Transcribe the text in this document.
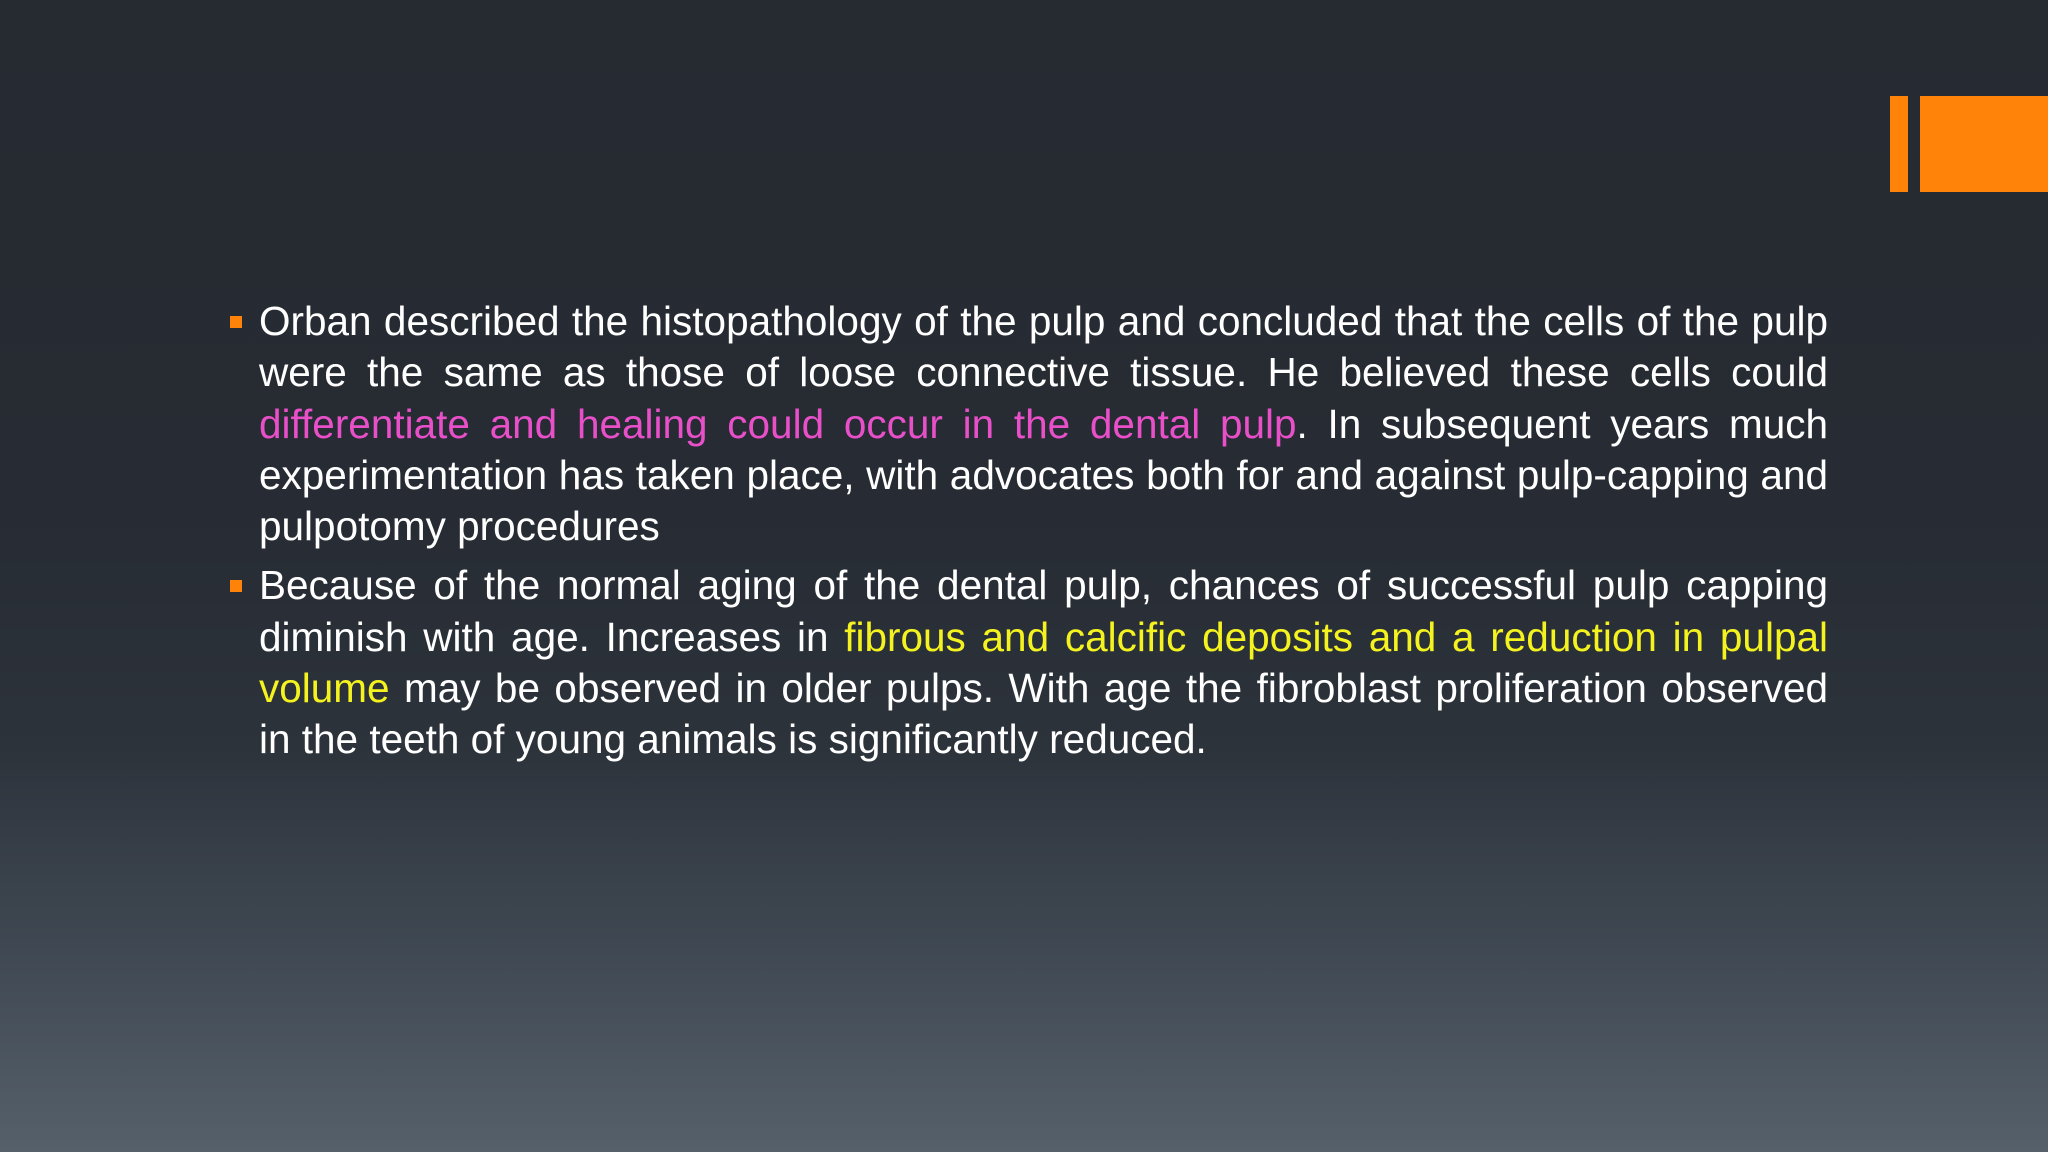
Orban described the histopathology of the pulp and concluded that the cells of the pulp were the same as those of loose connective tissue. He believed these cells could differentiate and healing could occur in the dental pulp. In subsequent years much experimentation has taken place, with advocates both for and against pulp-capping and pulpotomy procedures

Because of the normal aging of the dental pulp, chances of successful pulp capping diminish with age. Increases in fibrous and calcific deposits and a reduction in pulpal volume may be observed in older pulps. With age the fibroblast proliferation observed in the teeth of young animals is significantly reduced.
